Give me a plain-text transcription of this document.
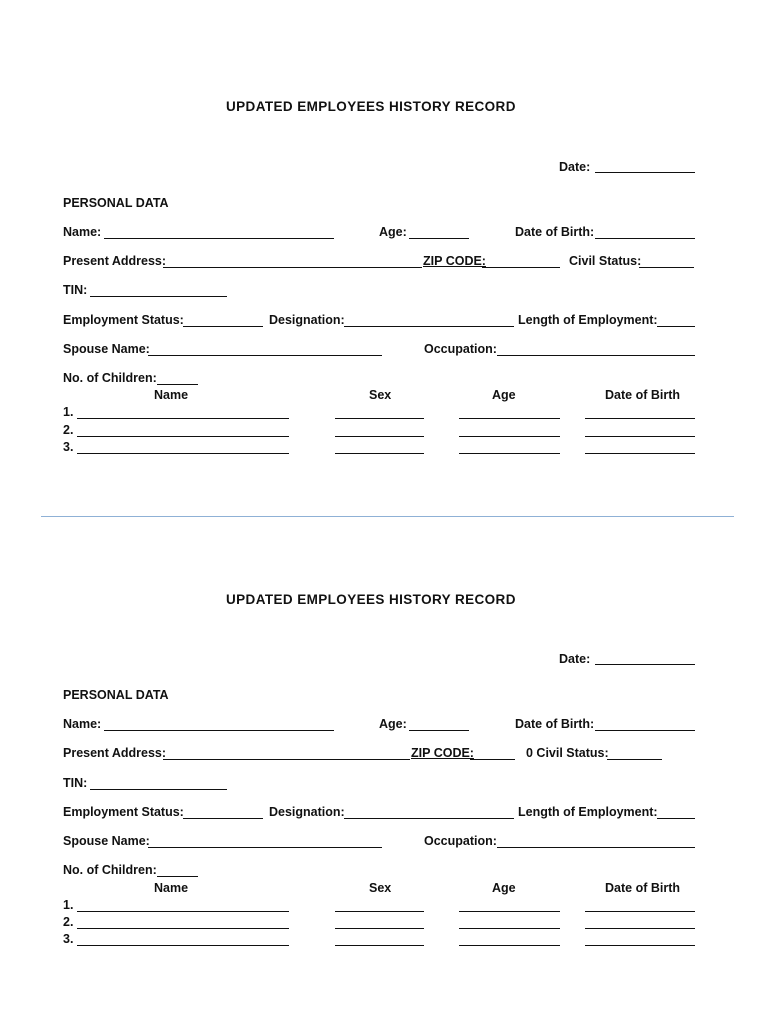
UPDATED EMPLOYEES HISTORY RECORD
Date:
PERSONAL DATA
Name:	Age:	Date of Birth:
Present Address:	ZIP CODE:	Civil Status:
TIN:
Employment Status:	Designation:	Length of Employment:
Spouse Name:	Occupation:
No. of Children:
Name	Sex	Age	Date of Birth
1.
2.
3.
UPDATED EMPLOYEES HISTORY RECORD
Date:
PERSONAL DATA
Name:	Age:	Date of Birth:
Present Address:	ZIP CODE:	0 Civil Status:
TIN:
Employment Status:	Designation:	Length of Employment:
Spouse Name:	Occupation:
No. of Children:
Name	Sex	Age	Date of Birth
1.
2.
3.
